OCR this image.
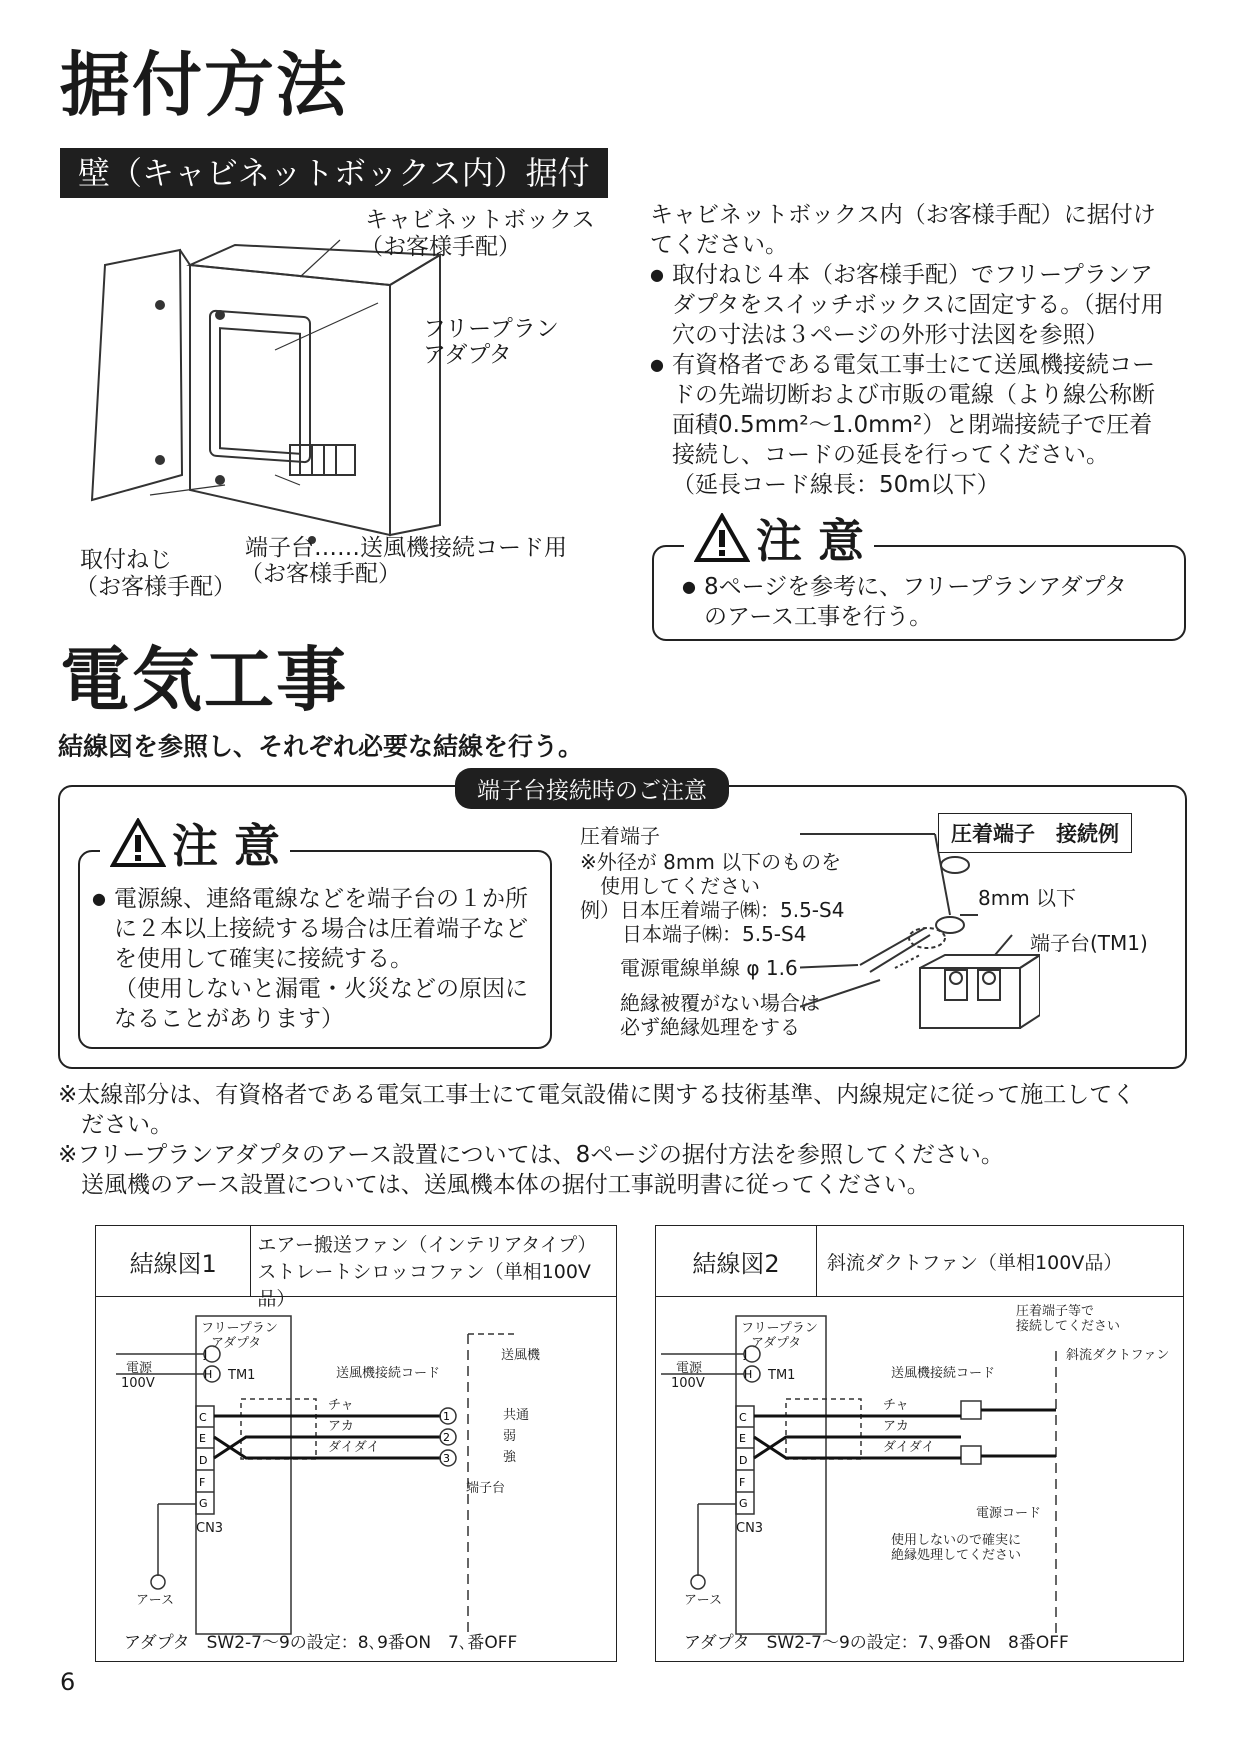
据付方法
壁（キャビネットボックス内）据付
キャビネットボックス
（お客様手配）
フリープラン
アダプタ
取付ねじ
（お客様手配）
端子台……送風機接続コード用
（お客様手配）
キャビネットボックス内（お客様手配）に据付け
てください。
● 取付ねじ４本（お客様手配）でフリープランア
ダプタをスイッチボックスに固定する。（据付用
穴の寸法は３ページの外形寸法図を参照）
● 有資格者である電気工事士にて送風機接続コー
ドの先端切断および市販の電線（より線公称断
面積0.5mm²〜1.0mm²）と閉端接続子で圧着
接続し、コードの延長を行ってください。
（延長コード線長：50m以下）
注 意
● 8ページを参考に、フリープランアダプタ
のアース工事を行う。
電気工事
結線図を参照し、それぞれ必要な結線を行う。
端子台接続時のご注意
注 意
● 電源線、連絡電線などを端子台の１か所
に２本以上接続する場合は圧着端子など
を使用して確実に接続する。
（使用しないと漏電・火災などの原因に
なることがあります）
圧着端子　接続例
圧着端子
※外径が 8mm 以下のものを
使用してください
例）日本圧着端子㈱：5.5-S4
日本端子㈱：5.5-S4
電源電線単線 φ 1.6
絶縁被覆がない場合は
必ず絶縁処理をする
8mm 以下
端子台(TM1)
※太線部分は、有資格者である電気工事士にて電気設備に関する技術基準、内線規定に従って施工してく
ださい。
※フリープランアダプタのアース設置については、8ページの据付方法を参照してください。
送風機のアース設置については、送風機本体の据付工事説明書に従ってください。
結線図1
エアー搬送ファン（インテリアタイプ）
ストレートシロッコファン（単相100V品）
J
H
C
E
D
F
G
1
2
3
フリープラン
アダプタ
TM1
電源
100V
送風機接続コード
送風機
チャ
アカ
ダイダイ
共通
弱
強
端子台
CN3
アース
アダプタ　SW2-7〜9の設定：8､9番ON　7､番OFF
結線図2	斜流ダクトファン（単相100V品）
J
H
C
E
D
F
G
フリープラン
アダプタ
TM1
電源
100V
送風機接続コード
斜流ダクトファン
圧着端子等で
接続してください
チャ
アカ
ダイダイ
電源コード
使用しないので確実に
絶縁処理してください
CN3
アース
アダプタ　SW2-7〜9の設定：7､9番ON　8番OFF
6
